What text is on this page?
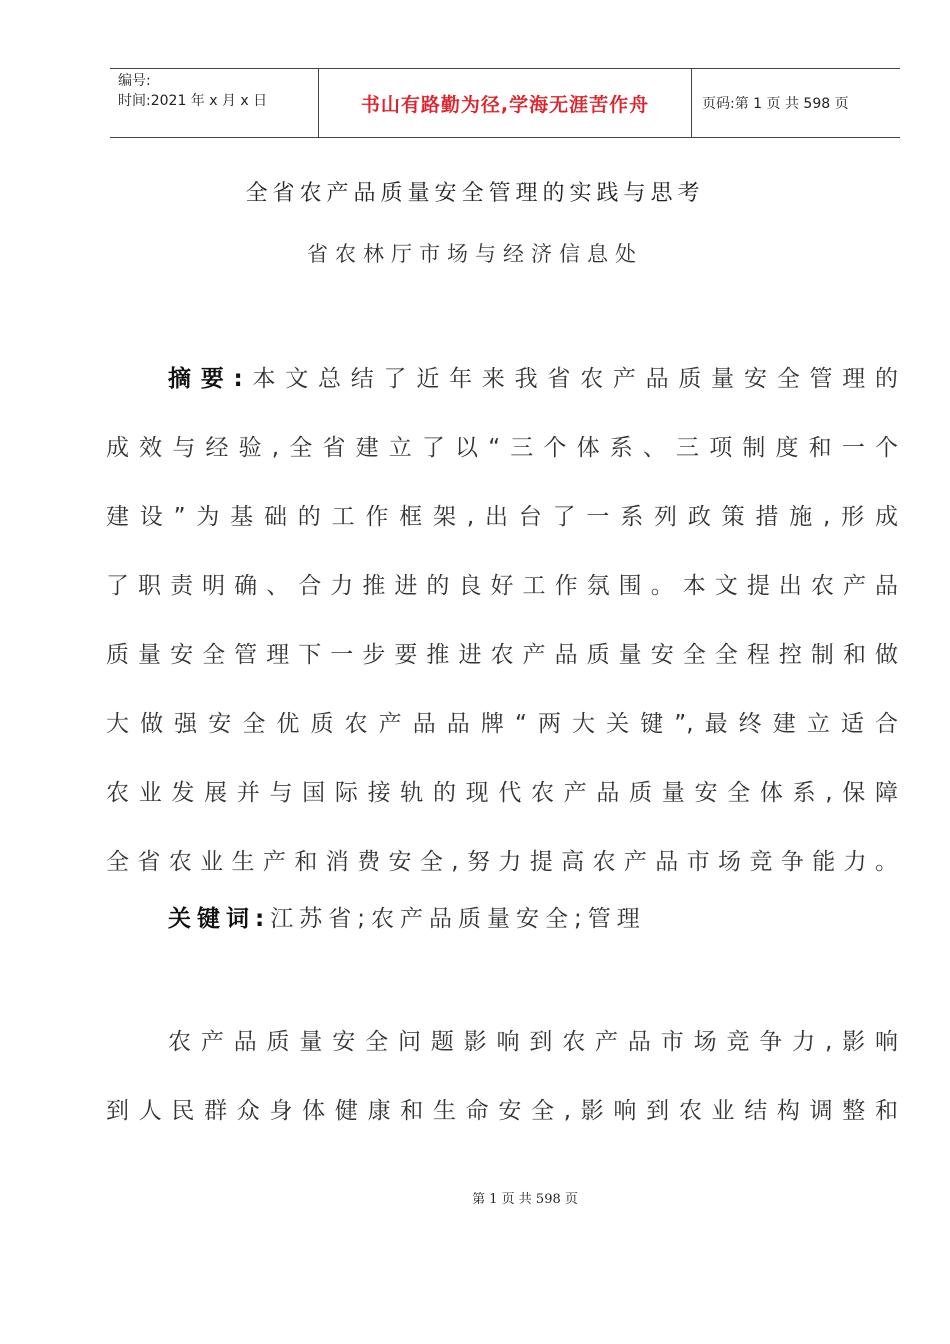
编号:
时间:2021 年 x 月 x 日	书山有路勤为径,学海无涯苦作舟	页码:第 1 页 共 598 页
全省农产品质量安全管理的实践与思考
省农林厅市场与经济信息处
摘要:本文总结了近年来我省农产品质量安全管理的
成效与经验,全省建立了以“三个体系、三项制度和一个
建设”为基础的工作框架,出台了一系列政策措施,形成
了职责明确、合力推进的良好工作氛围。本文提出农产品
质量安全管理下一步要推进农产品质量安全全程控制和做
大做强安全优质农产品品牌“两大关键”,最终建立适合
农业发展并与国际接轨的现代农产品质量安全体系,保障
全省农业生产和消费安全,努力提高农产品市场竞争能力。
关键词:江苏省;农产品质量安全;管理
农产品质量安全问题影响到农产品市场竞争力,影响
到人民群众身体健康和生命安全,影响到农业结构调整和
第 1 页 共 598 页
